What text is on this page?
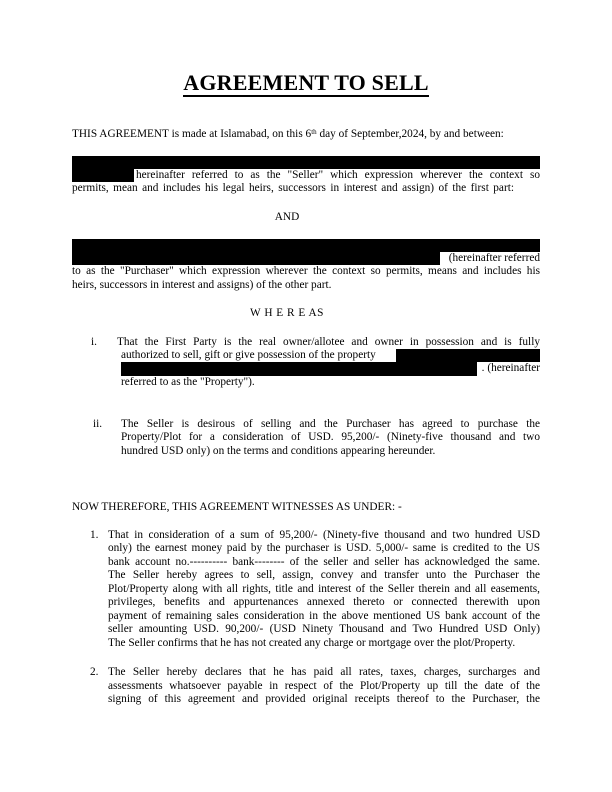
AGREEMENT TO SELL
THIS AGREEMENT is made at Islamabad, on this 6th day of September,2024, by and between:
hereinafter referred to as the "Seller" which expression wherever the context so
permits, mean and includes his legal heirs, successors in interest and assign) of the first part:
AND
(hereinafter referred
to as the "Purchaser" which expression wherever the context so permits, means and includes his
heirs, successors in interest and assigns) of the other part.
W H E R E AS
i. That the First Party is the real owner/allotee and owner in possession and is fully
authorized to sell, gift or give possession of the property
. (hereinafter
referred to as the "Property").
ii. The Seller is desirous of selling and the Purchaser has agreed to purchase the
Property/Plot for a consideration of USD. 95,200/- (Ninety-five thousand and two
hundred USD only) on the terms and conditions appearing hereunder.
NOW THEREFORE, THIS AGREEMENT WITNESSES AS UNDER: -
1. That in consideration of a sum of 95,200/- (Ninety-five thousand and two hundred USD
only) the earnest money paid by the purchaser is USD. 5,000/- same is credited to the US
bank account no.---------- bank-------- of the seller and seller has acknowledged the same.
The Seller hereby agrees to sell, assign, convey and transfer unto the Purchaser the
Plot/Property along with all rights, title and interest of the Seller therein and all easements,
privileges, benefits and appurtenances annexed thereto or connected therewith upon
payment of remaining sales consideration in the above mentioned US bank account of the
seller amounting USD. 90,200/- (USD Ninety Thousand and Two Hundred USD Only)
The Seller confirms that he has not created any charge or mortgage over the plot/Property.
2. The Seller hereby declares that he has paid all rates, taxes, charges, surcharges and
assessments whatsoever payable in respect of the Plot/Property up till the date of the
signing of this agreement and provided original receipts thereof to the Purchaser, the
